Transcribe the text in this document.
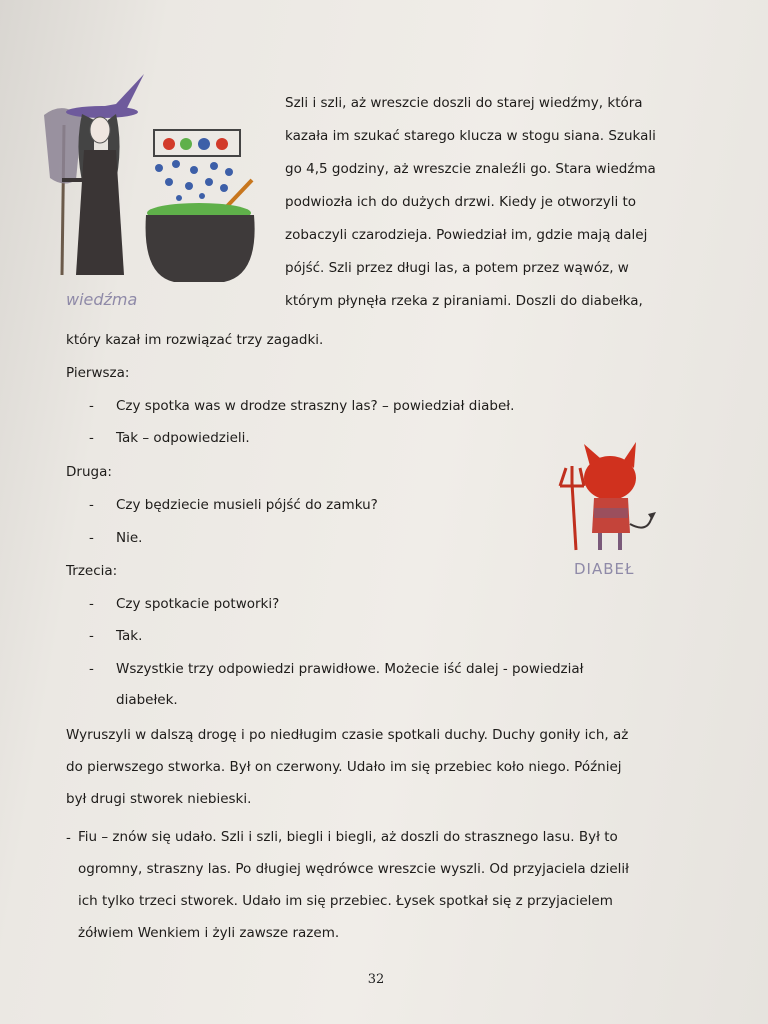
wiedźma
DIABEŁ

Szli i szli, aż wreszcie doszli do starej wiedźmy, która
kazała im szukać starego klucza w stogu siana. Szukali
go 4,5 godziny, aż wreszcie znaleźli go. Stara wiedźma
podwiozła ich do dużych drzwi. Kiedy je otworzyli to
zobaczyli czarodzieja. Powiedział im, gdzie mają dalej
pójść. Szli przez długi las, a potem przez wąwóz, w
którym płynęła rzeka z piraniami. Doszli do diabełka,

który kazał im rozwiązać trzy zagadki.
Pierwsza:
- Czy spotka was w drodze straszny las? – powiedział diabeł.
- Tak – odpowiedzieli.
Druga:
- Czy będziecie musieli pójść do zamku?
- Nie.
Trzecia:
- Czy spotkacie potworki?
- Tak.
- Wszystkie trzy odpowiedzi prawidłowe. Możecie iść dalej - powiedział
diabełek.

Wyruszyli w dalszą drogę i po niedługim czasie spotkali duchy. Duchy goniły ich, aż
do pierwszego stworka. Był on czerwony. Udało im się przebiec koło niego. Później
był drugi stworek niebieski.

- Fiu – znów się udało. Szli i szli, biegli i biegli, aż doszli do strasznego lasu. Był to
ogromny, straszny las. Po długiej wędrówce wreszcie wyszli. Od przyjaciela dzielił
ich tylko trzeci stworek. Udało im się przebiec. Łysek spotkał się z przyjacielem
żółwiem Wenkiem i żyli zawsze razem.

32
